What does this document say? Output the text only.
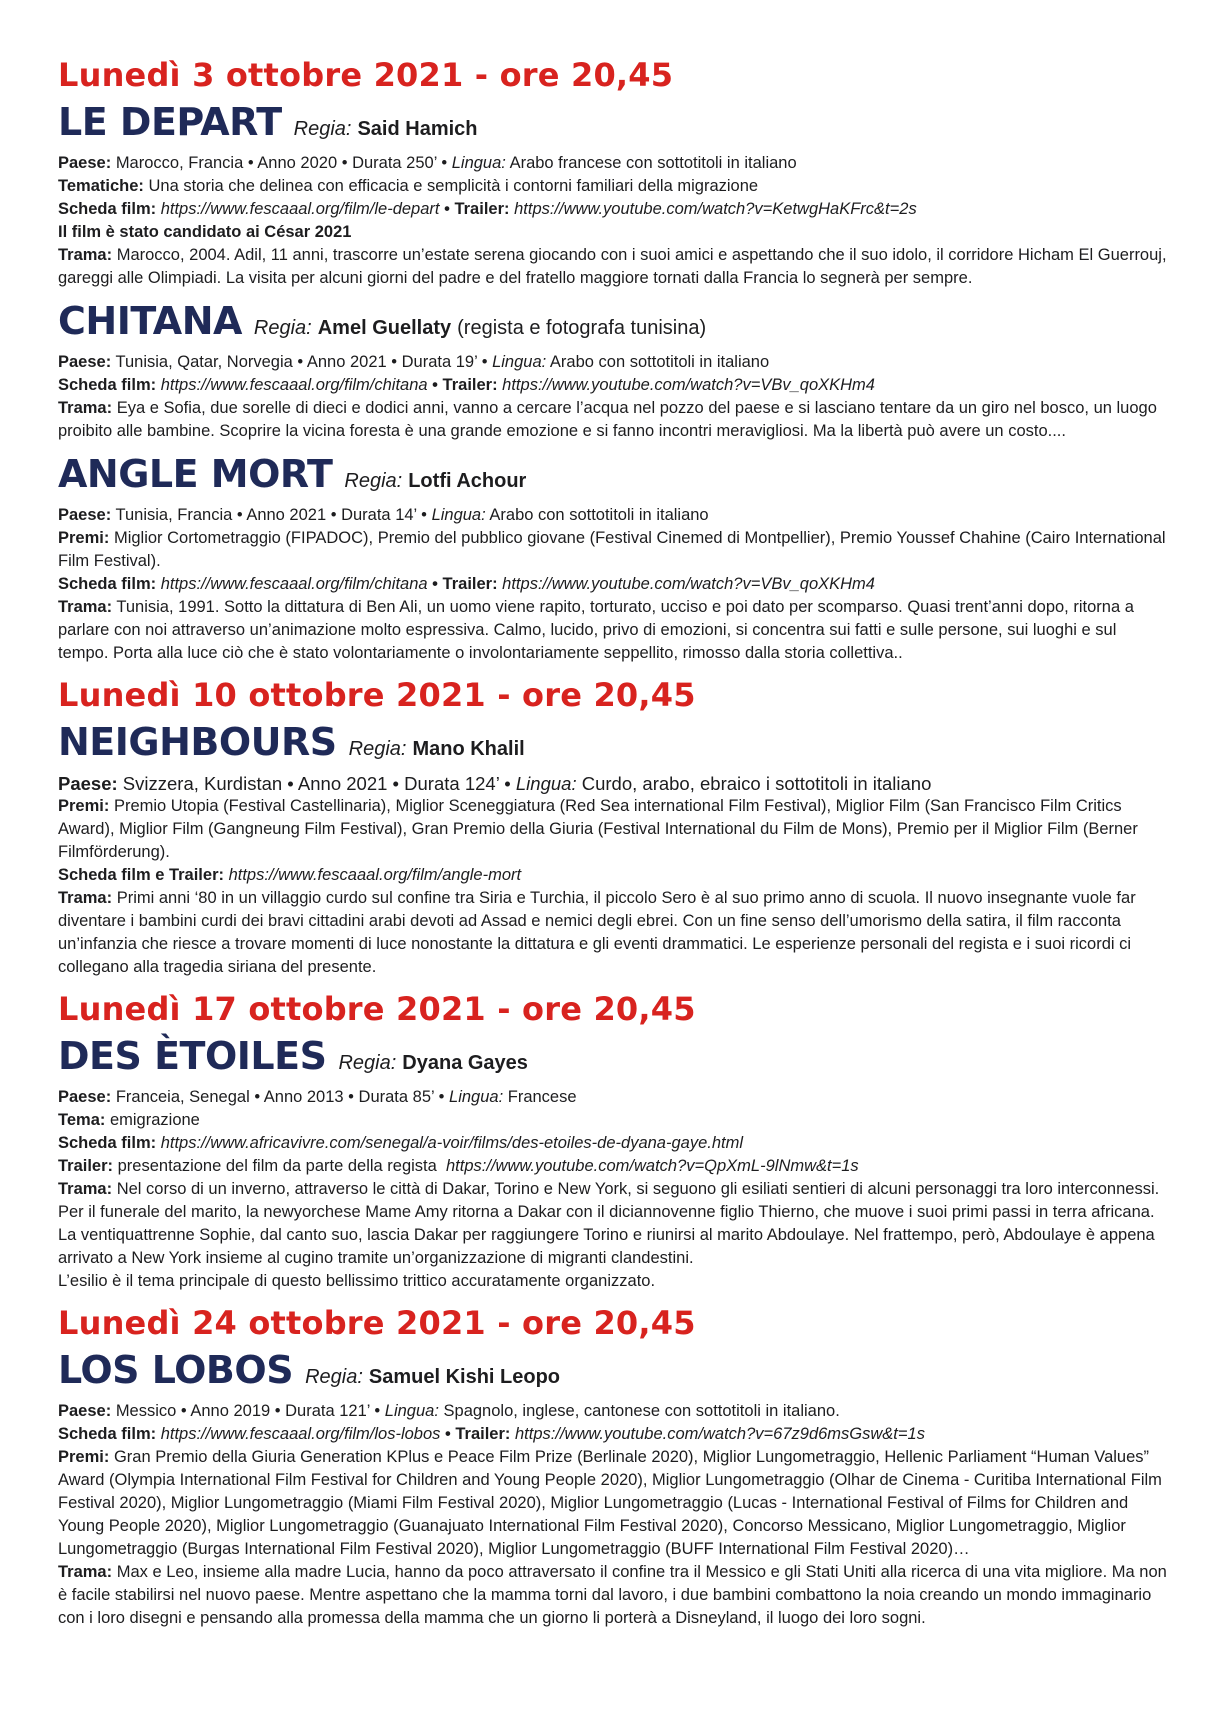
Lunedì 3 ottobre 2021 - ore 20,45
LE DEPART Regia: Said Hamich

Paese: Marocco, Francia • Anno 2020 • Durata 250’ • Lingua: Arabo francese con sottotitoli in italiano

Tematiche: Una storia che delinea con efficacia e semplicità i contorni familiari della migrazione

Scheda film: https://www.fescaaal.org/film/le-depart • Trailer: https://www.youtube.com/watch?v=KetwgHaKFrc&t=2s

Il film è stato candidato ai César 2021

Trama: Marocco, 2004. Adil, 11 anni, trascorre un’estate serena giocando con i suoi amici e aspettando che il suo idolo, il corridore Hicham El Guerrouj, gareggi alle Olimpiadi. La visita per alcuni giorni del padre e del fratello maggiore tornati dalla Francia lo segnerà per sempre.

CHITANA Regia: Amel Guellaty (regista e fotografa tunisina)

Paese: Tunisia, Qatar, Norvegia • Anno 2021 • Durata 19’ • Lingua: Arabo con sottotitoli in italiano

Scheda film: https://www.fescaaal.org/film/chitana • Trailer: https://www.youtube.com/watch?v=VBv_qoXKHm4

Trama: Eya e Sofia, due sorelle di dieci e dodici anni, vanno a cercare l’acqua nel pozzo del paese e si lasciano tentare da un giro nel bosco, un luogo proibito alle bambine. Scoprire la vicina foresta è una grande emozione e si fanno incontri meravigliosi. Ma la libertà può avere un costo....

ANGLE MORT Regia: Lotfi Achour

Paese: Tunisia, Francia • Anno 2021 • Durata 14’ • Lingua: Arabo con sottotitoli in italiano

Premi: Miglior Cortometraggio (FIPADOC), Premio del pubblico giovane (Festival Cinemed di Montpellier), Premio Youssef Chahine (Cairo International Film Festival).

Scheda film: https://www.fescaaal.org/film/chitana • Trailer: https://www.youtube.com/watch?v=VBv_qoXKHm4

Trama: Tunisia, 1991. Sotto la dittatura di Ben Ali, un uomo viene rapito, torturato, ucciso e poi dato per scomparso. Quasi trent’anni dopo, ritorna a parlare con noi attraverso un’animazione molto espressiva. Calmo, lucido, privo di emozioni, si concentra sui fatti e sulle persone, sui luoghi e sul tempo. Porta alla luce ciò che è stato volontariamente o involontariamente seppellito, rimosso dalla storia collettiva..

Lunedì 10 ottobre 2021 - ore 20,45
NEIGHBOURS Regia: Mano Khalil

Paese: Svizzera, Kurdistan • Anno 2021 • Durata 124’ • Lingua: Curdo, arabo, ebraico i sottotitoli in italiano

Premi: Premio Utopia (Festival Castellinaria), Miglior Sceneggiatura (Red Sea international Film Festival), Miglior Film (San Francisco Film Critics Award), Miglior Film (Gangneung Film Festival), Gran Premio della Giuria (Festival International du Film de Mons), Premio per il Miglior Film (Berner Filmförderung).

Scheda film e Trailer: https://www.fescaaal.org/film/angle-mort

Trama: Primi anni ‘80 in un villaggio curdo sul confine tra Siria e Turchia, il piccolo Sero è al suo primo anno di scuola. Il nuovo insegnante vuole far diventare i bambini curdi dei bravi cittadini arabi devoti ad Assad e nemici degli ebrei. Con un fine senso dell’umorismo della satira, il film racconta un’infanzia che riesce a trovare momenti di luce nonostante la dittatura e gli eventi drammatici. Le esperienze personali del regista e i suoi ricordi ci collegano alla tragedia siriana del presente.

Lunedì 17 ottobre 2021 - ore 20,45
DES ÈTOILES Regia: Dyana Gayes

Paese: Franceia, Senegal • Anno 2013 • Durata 85’ • Lingua: Francese

Tema: emigrazione

Scheda film: https://www.africavivre.com/senegal/a-voir/films/des-etoiles-de-dyana-gaye.html

Trailer: presentazione del film da parte della regista https://www.youtube.com/watch?v=QpXmL-9lNmw&t=1s

Trama: Nel corso di un inverno, attraverso le città di Dakar, Torino e New York, si seguono gli esiliati sentieri di alcuni personaggi tra loro interconnessi. Per il funerale del marito, la newyorchese Mame Amy ritorna a Dakar con il diciannovenne figlio Thierno, che muove i suoi primi passi in terra africana. La ventiquattrenne Sophie, dal canto suo, lascia Dakar per raggiungere Torino e riunirsi al marito Abdoulaye. Nel frattempo, però, Abdoulaye è appena arrivato a New York insieme al cugino tramite un’organizzazione di migranti clandestini.

L’esilio è il tema principale di questo bellissimo trittico accuratamente organizzato.

Lunedì 24 ottobre 2021 - ore 20,45
LOS LOBOS Regia: Samuel Kishi Leopo

Paese: Messico • Anno 2019 • Durata 121’ • Lingua: Spagnolo, inglese, cantonese con sottotitoli in italiano.

Scheda film: https://www.fescaaal.org/film/los-lobos • Trailer: https://www.youtube.com/watch?v=67z9d6msGsw&t=1s

Premi: Gran Premio della Giuria Generation KPlus e Peace Film Prize (Berlinale 2020), Miglior Lungometraggio, Hellenic Parliament “Human Values” Award (Olympia International Film Festival for Children and Young People 2020), Miglior Lungometraggio (Olhar de Cinema - Curitiba International Film Festival 2020), Miglior Lungometraggio (Miami Film Festival 2020), Miglior Lungometraggio (Lucas - International Festival of Films for Children and Young People 2020), Miglior Lungometraggio (Guanajuato International Film Festival 2020), Concorso Messicano, Miglior Lungometraggio, Miglior Lungometraggio (Burgas International Film Festival 2020), Miglior Lungometraggio (BUFF International Film Festival 2020)…

Trama: Max e Leo, insieme alla madre Lucia, hanno da poco attraversato il confine tra il Messico e gli Stati Uniti alla ricerca di una vita migliore. Ma non è facile stabilirsi nel nuovo paese. Mentre aspettano che la mamma torni dal lavoro, i due bambini combattono la noia creando un mondo immaginario con i loro disegni e pensando alla promessa della mamma che un giorno li porterà a Disneyland, il luogo dei loro sogni.
